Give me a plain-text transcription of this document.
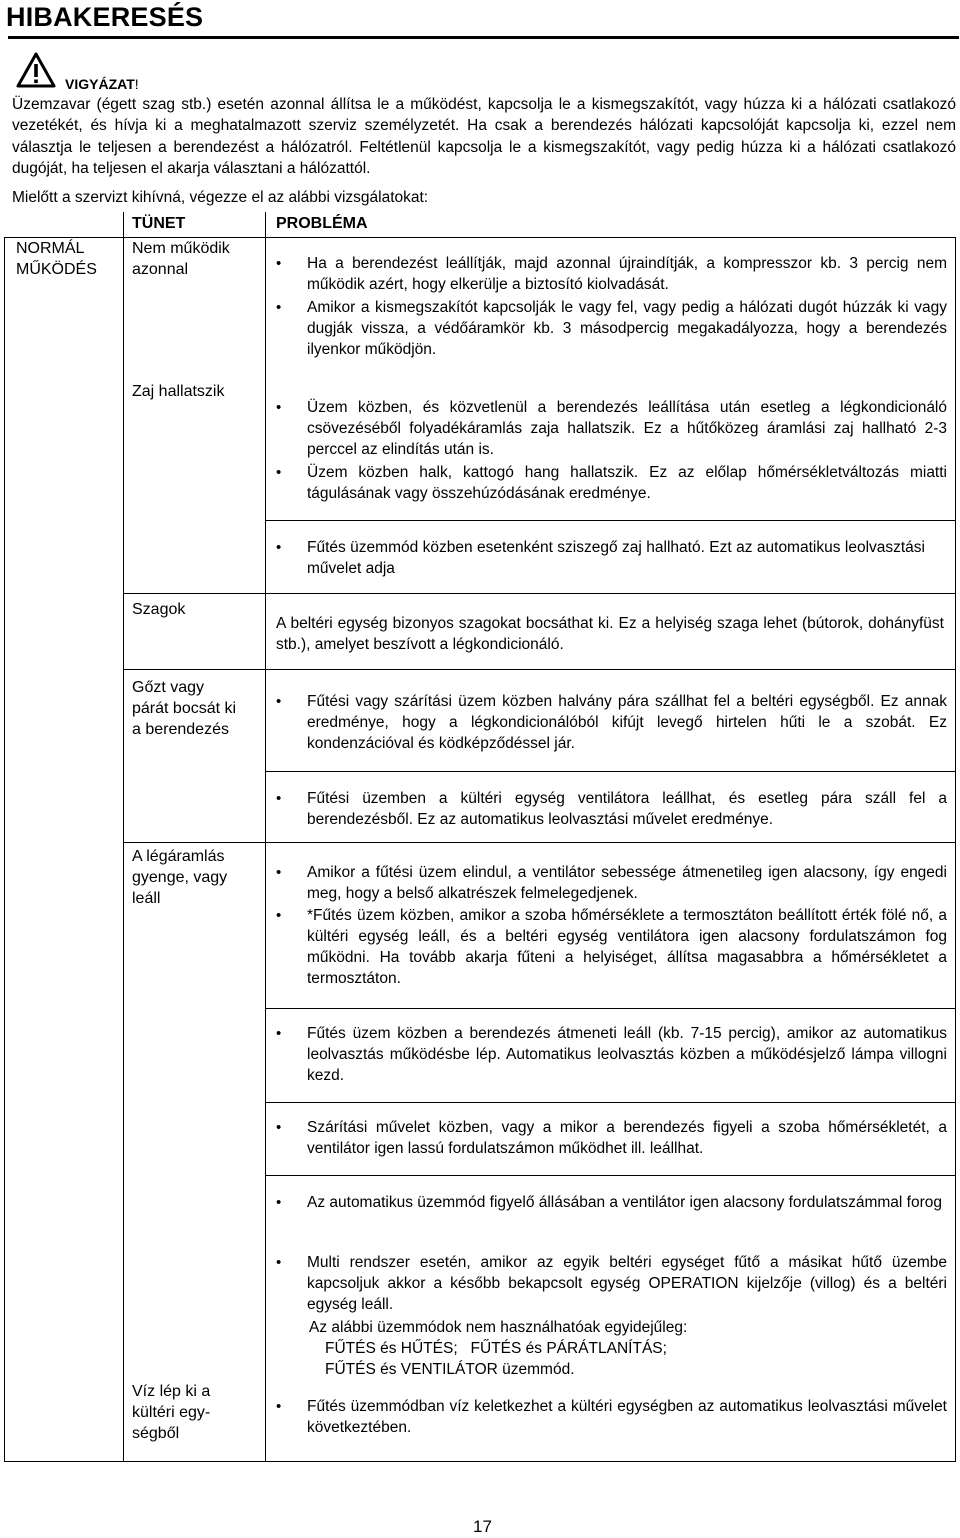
HIBAKERESÉS
VIGYÁZAT!

Üzemzavar (égett szag stb.) esetén azonnal állítsa le a működést, kapcsolja le a kismegszakítót, vagy húzza ki a hálózati csatlakozó vezetékét, és hívja ki a meghatalmazott szerviz személyzetét. Ha csak a berendezés hálózati kapcsolóját kapcsolja ki, ezzel nem választja le teljesen a berendezést a hálózatról. Feltétlenül kapcsolja le a kismegszakítót, vagy pedig húzza ki a hálózati csatlakozó dugóját, ha teljesen el akarja választani a hálózattól.

Mielőtt a szervizt kihívná, végezze el az alábbi vizsgálatokat:
TÜNET	PROBLÉMA
NORMÁL
MŰKÖDÉS
Nem működik
azonnal
•	Ha a berendezést leállítják, majd azonnal újraindítják, a kompresszor kb. 3 percig nem működik azért, hogy elkerülje a biztosító kiolvadását.
• Amikor a kismegszakítót kapcsolják le vagy fel, vagy pedig a hálózati dugót húzzák ki vagy dugják vissza, a védőáramkör kb. 3 másodpercig megakadályozza, hogy a berendezés ilyenkor működjön.
Zaj hallatszik
• Üzem közben, és közvetlenül a berendezés leállítása után esetleg a légkondicionáló csövezéséből folyadékáramlás zaja hallatszik. Ez a hűtőközeg áramlási zaj hallható 2-3 perccel az elindítás után is.
• Üzem közben halk, kattogó hang hallatszik. Ez az előlap hőmérsékletváltozás miatti tágulásának vagy összehúzódásának eredménye.
• Fűtés üzemmód közben esetenként sziszegő zaj hallható. Ezt az automatikus leolvasztási művelet adja
Szagok
A beltéri egység bizonyos szagokat bocsáthat ki. Ez a helyiség szaga lehet (bútorok, dohányfüst stb.), amelyet beszívott a légkondicionáló.
Gőzt vagy
párát bocsát ki
a berendezés
• Fűtési vagy szárítási üzem közben halvány pára szállhat fel a beltéri egységből. Ez annak eredménye, hogy a légkondicionálóból kifújt levegő hirtelen hűti le a szobát. Ez kondenzációval és ködképződéssel jár.
• Fűtési üzemben a kültéri egység ventilátora leállhat, és esetleg pára száll fel a berendezésből. Ez az automatikus leolvasztási művelet eredménye.
A légáramlás
gyenge, vagy
leáll
• Amikor a fűtési üzem elindul, a ventilátor sebessége átmenetileg igen alacsony, így engedi meg, hogy a belső alkatrészek felmelegedjenek.
• *Fűtés üzem közben, amikor a szoba hőmérséklete a termosztáton beállított érték fölé nő, a kültéri egység leáll, és a beltéri egység ventilátora igen alacsony fordulatszámon fog működni. Ha tovább akarja fűteni a helyiséget, állítsa magasabbra a hőmérsékletet a termosztáton.
• Fűtés üzem közben a berendezés átmeneti leáll (kb. 7-15 percig), amikor az automatikus leolvasztás működésbe lép. Automatikus leolvasztás közben a működésjelző lámpa villogni kezd.
• Szárítási művelet közben, vagy a mikor a berendezés figyeli a szoba hőmérsékletét, a ventilátor igen lassú fordulatszámon működhet ill. leállhat.
• Az automatikus üzemmód figyelő állásában a ventilátor igen alacsony fordulatszámmal forog
• Multi rendszer esetén, amikor az egyik beltéri egységet fűtő a másikat hűtő üzembe kapcsoljuk akkor a később bekapcsolt egység OPERATION kijelzője (villog) és a beltéri egység leáll.
Az alábbi üzemmódok nem használhatóak egyidejűleg:
FŰTÉS és HŰTÉS;   FŰTÉS és PÁRÁTLANÍTÁS;
FŰTÉS és VENTILÁTOR üzemmód.
Víz lép ki a
kültéri egy-
ségből
• Fűtés üzemmódban víz keletkezhet a kültéri egységben az automatikus leolvasztási művelet következtében.
17
